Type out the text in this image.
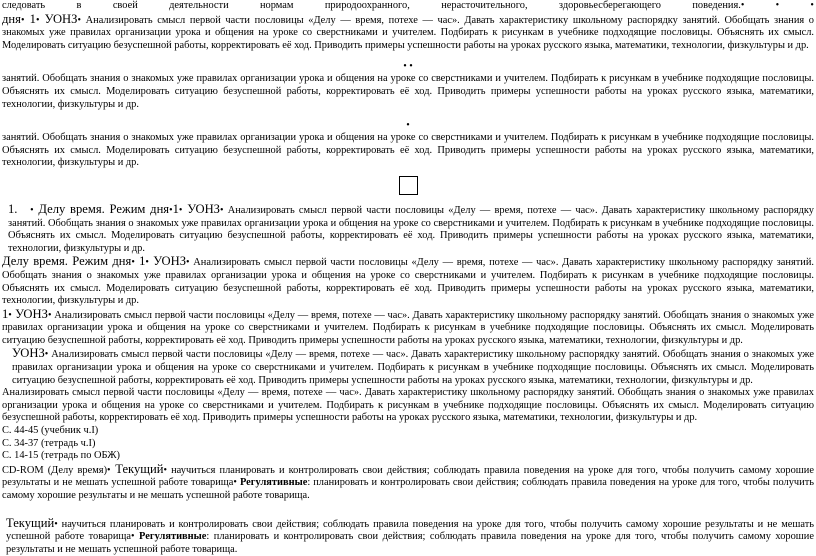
следовать	в	своей	деятельности	нормам	природоохранного,	нерасточительного,	здоровьесберегающего	поведения.• • •

дня• 1• УОНЗ• Анализировать смысл первой части пословицы «Делу — время, потехе — час». Давать характеристику школьному распорядку занятий. Обобщать знания о знакомых уже правилах организации урока и общения на уроке со сверстниками и учителем. Подбирать к рисункам в учебнике подходящие пословицы. Объяснять их смысл. Моделировать ситуацию безуспешной работы, корректировать её ход. Приводить примеры успешности работы на уроках русского языка, математики, технологии, физкультуры и др.

• •

занятий. Обобщать знания о знакомых уже правилах организации урока и общения на уроке со сверстниками и учителем. Подбирать к рисункам в учебнике подходящие пословицы. Объяснять их смысл. Моделировать ситуацию безуспешной работы, корректировать её ход. Приводить примеры успешности работы на уроках русского языка, математики, технологии, физкультуры и др.

•

занятий. Обобщать знания о знакомых уже правилах организации урока и общения на уроке со сверстниками и учителем. Подбирать к рисункам в учебнике подходящие пословицы. Объяснять их смысл. Моделировать ситуацию безуспешной работы, корректировать её ход. Приводить примеры успешности работы на уроках русского языка, математики, технологии, физкультуры и др.

1. • Делу время. Режим дня•1• УОНЗ• Анализировать смысл первой части пословицы «Делу — время, потехе — час». Давать характеристику школьному распорядку занятий. Обобщать знания о знакомых уже правилах организации урока и общения на уроке со сверстниками и учителем. Подбирать к рисункам в учебнике подходящие пословицы. Объяснять их смысл. Моделировать ситуацию безуспешной работы, корректировать её ход. Приводить примеры успешности работы на уроках русского языка, математики, технологии, физкультуры и др.

Делу время. Режим дня• 1• УОНЗ• Анализировать смысл первой части пословицы «Делу — время, потехе — час». Давать характеристику школьному распорядку занятий. Обобщать знания о знакомых уже правилах организации урока и общения на уроке со сверстниками и учителем. Подбирать к рисункам в учебнике подходящие пословицы. Объяснять их смысл. Моделировать ситуацию безуспешной работы, корректировать её ход. Приводить примеры успешности работы на уроках русского языка, математики, технологии, физкультуры и др.

1• УОНЗ• Анализировать смысл первой части пословицы «Делу — время, потехе — час». Давать характеристику школьному распорядку занятий. Обобщать знания о знакомых уже правилах организации урока и общения на уроке со сверстниками и учителем. Подбирать к рисункам в учебнике подходящие пословицы. Объяснять их смысл. Моделировать ситуацию безуспешной работы, корректировать её ход. Приводить примеры успешности работы на уроках русского языка, математики, технологии, физкультуры и др.

УОНЗ• Анализировать смысл первой части пословицы «Делу — время, потехе — час». Давать характеристику школьному распорядку занятий. Обобщать знания о знакомых уже правилах организации урока и общения на уроке со сверстниками и учителем. Подбирать к рисункам в учебнике подходящие пословицы. Объяснять их смысл. Моделировать ситуацию безуспешной работы, корректировать её ход. Приводить примеры успешности работы на уроках русского языка, математики, технологии, физкультуры и др.

Анализировать смысл первой части пословицы «Делу — время, потехе — час». Давать характеристику школьному распорядку занятий. Обобщать знания о знакомых уже правилах организации урока и общения на уроке со сверстниками и учителем. Подбирать к рисункам в учебнике подходящие пословицы. Объяснять их смысл. Моделировать ситуацию безуспешной работы, корректировать её ход. Приводить примеры успешности работы на уроках русского языка, математики, технологии, физкультуры и др.

С. 44-45 (учебник ч.I)

С. 34-37 (тетрадь ч.I)

С. 14-15 (тетрадь по ОБЖ)

CD-ROM (Делу время)• Текущий• научиться планировать и контролировать свои действия; соблюдать правила поведения на уроке для того, чтобы получить самому хорошие результаты и не мешать успешной работе товарища• Регулятивные: планировать и контролировать свои действия; соблюдать правила поведения на уроке для того, чтобы получить самому хорошие результаты и не мешать успешной работе товарища.

Текущий• научиться планировать и контролировать свои действия; соблюдать правила поведения на уроке для того, чтобы получить самому хорошие результаты и не мешать успешной работе товарища• Регулятивные: планировать и контролировать свои действия; соблюдать правила поведения на уроке для того, чтобы получить самому хорошие результаты и не мешать успешной работе товарища.
